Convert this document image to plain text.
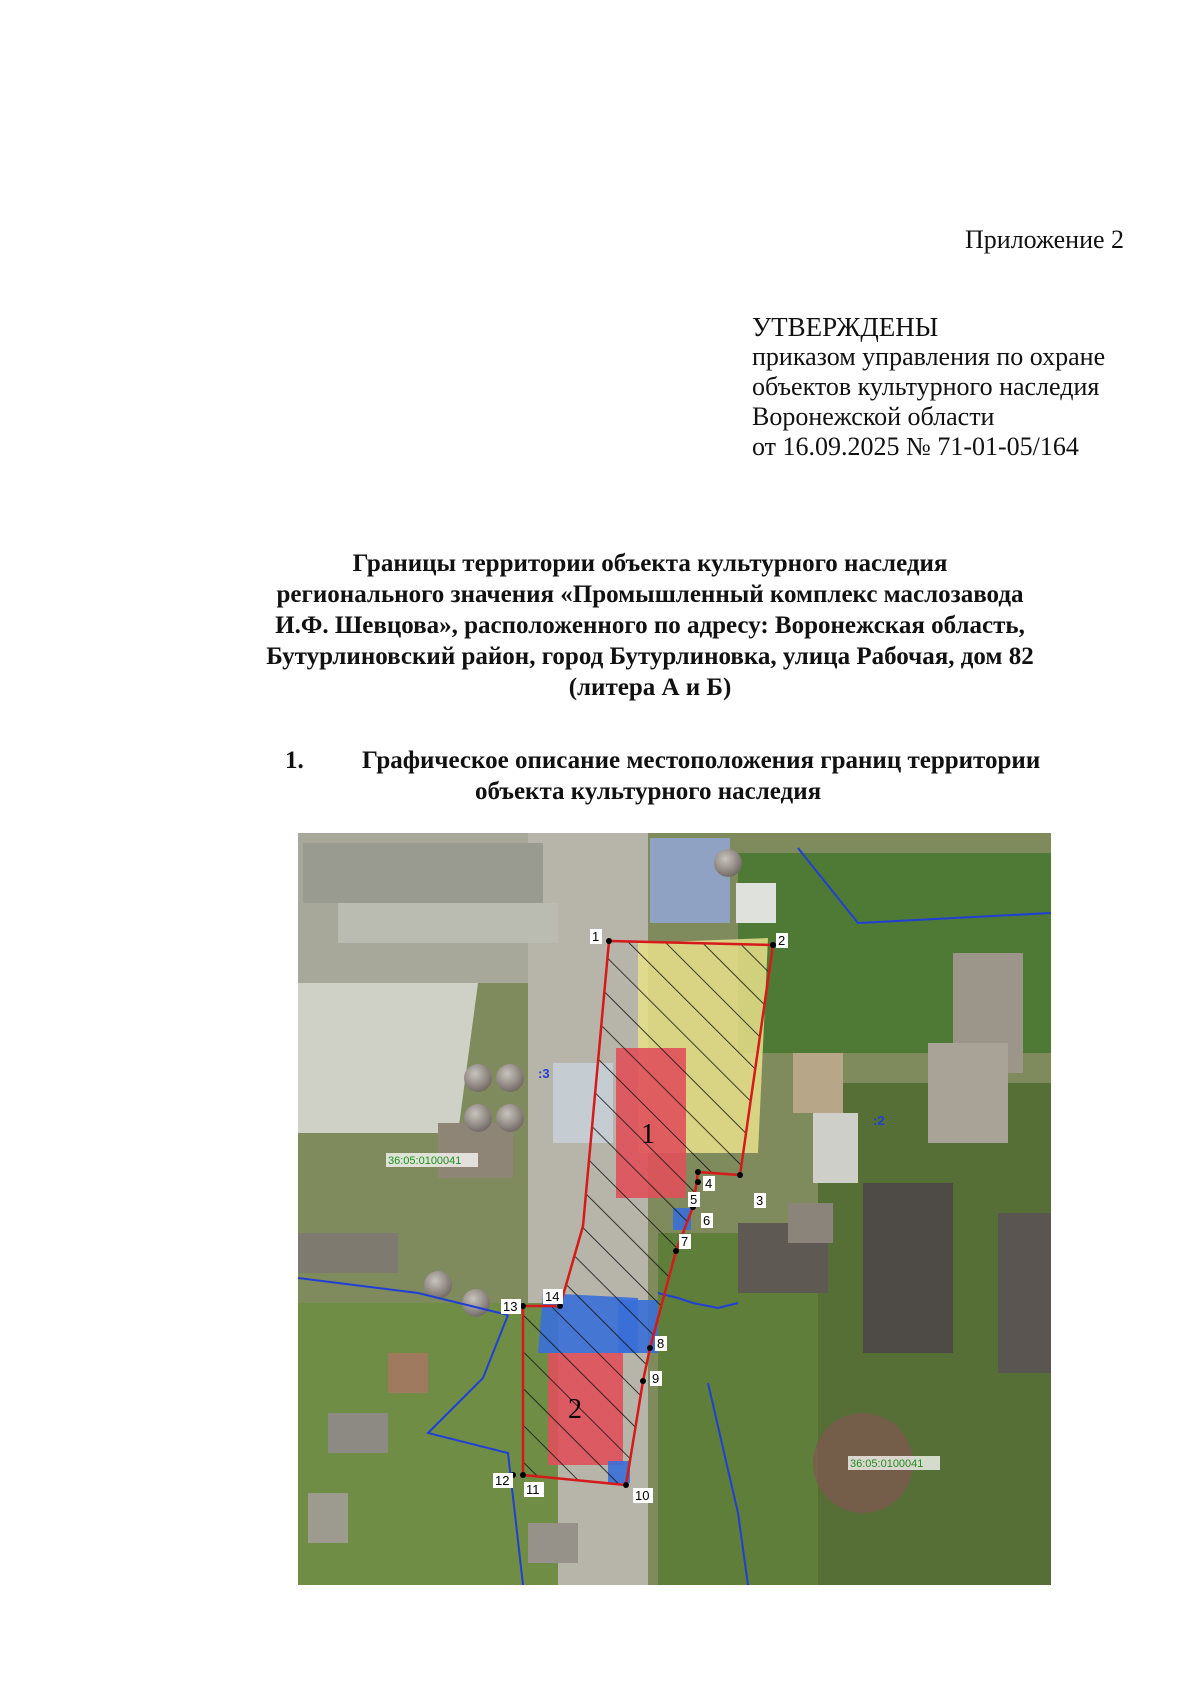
Приложение 2
УТВЕРЖДЕНЫ
приказом управления по охране
объектов культурного наследия
Воронежской области
от 16.09.2025 № 71-01-05/164
Границы территории объекта культурного наследия
регионального значения «Промышленный комплекс маслозавода
И.Ф. Шевцова», расположенного по адресу: Воронежская область,
Бутурлиновский район, город Бутурлиновка, улица Рабочая, дом 82
(литера А и Б)
1. Графическое описание местоположения границ территории
объекта культурного наследия
1
2
:3
:2
36:05:0100041
36:05:0100041
1	2
3
4
5
6
7
8
9
10
11
12
13
14
